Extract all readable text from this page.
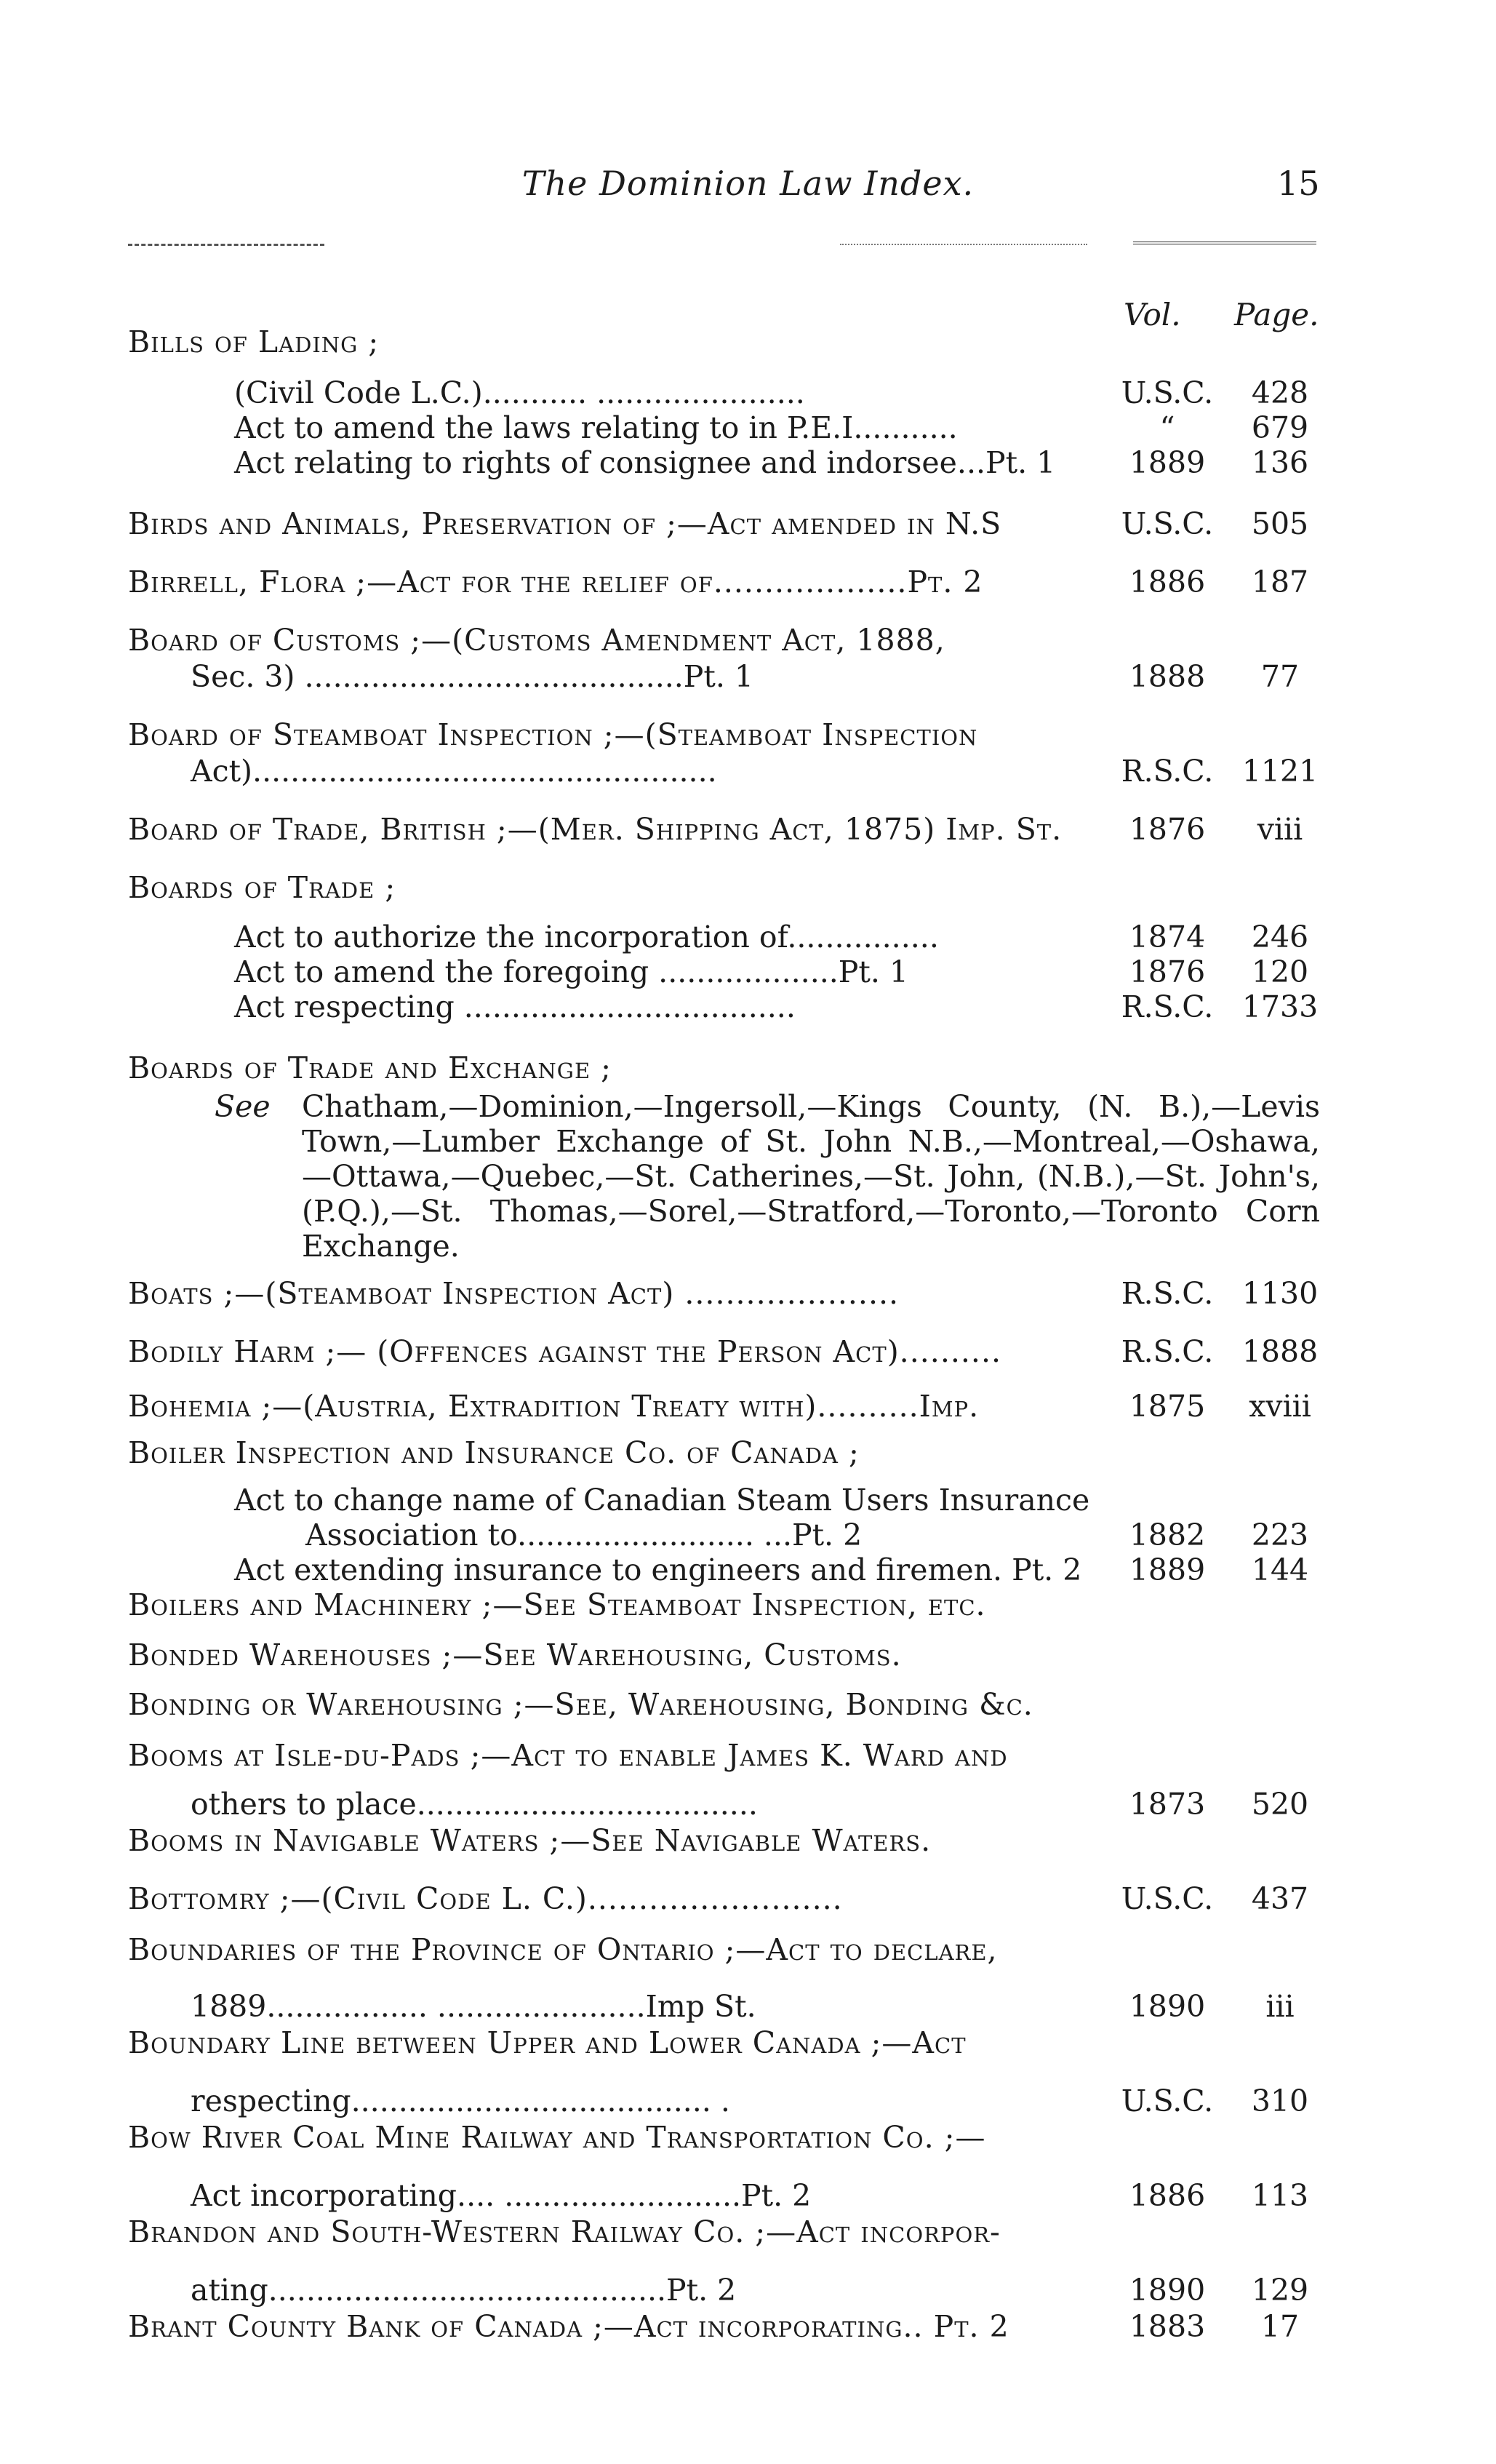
The Dominion Law Index.	15
Vol. Page.
Bills of Lading ;
(Civil Code L.C.)........... ......................	U.S.C.	428
Act to amend the laws relating to in P.E.I...........	“	679
Act relating to rights of consignee and indorsee...Pt. 1	1889	136
Birds and Animals, Preservation of ;—Act amended in N.S	U.S.C.	505
Birrell, Flora ;—Act for the relief of...................Pt. 2	1886	187
Board of Customs ;—(Customs Amendment Act, 1888,
Sec. 3) ........................................Pt. 1	1888	77
Board of Steamboat Inspection ;—(Steamboat Inspection
Act).................................................	R.S.C. 1121
Board of Trade, British ;—(Mer. Shipping Act, 1875) Imp. St.	1876	viii
Boards of Trade ;
Act to authorize the incorporation of................	1874	246
Act to amend the foregoing ...................Pt. 1	1876	120
Act respecting ...................................	R.S.C. 1733
Boards of Trade and Exchange ;
See Chatham,—Dominion,—Ingersoll,—Kings County, (N. B.),—Levis Town,—Lumber Exchange of St. John N.B.,—Montreal,—Oshawa, —Ottawa,—Quebec,—St. Catherines,—St. John, (N.B.),—St. John's, (P.Q.),—St. Thomas,—Sorel,—Stratford,—Toronto,—Toronto Corn Exchange.
Boats ;—(Steamboat Inspection Act) .....................	R.S.C. 1130
Bodily Harm ;— (Offences against the Person Act)..........	R.S.C. 1888
Bohemia ;—(Austria, Extradition Treaty with)..........Imp.	1875	xviii
Boiler Inspection and Insurance Co. of Canada ;
Act to change name of Canadian Steam Users Insurance
Association to......................... ...Pt. 2	1882	223
Act extending insurance to engineers and firemen. Pt. 2	1889	144
Boilers and Machinery ;—See Steamboat Inspection, etc.
Bonded Warehouses ;—See Warehousing, Customs.
Bonding or Warehousing ;—See, Warehousing, Bonding &c.
Booms at Isle-du-Pads ;—Act to enable James K. Ward and
others to place....................................	1873	520
Booms in Navigable Waters ;—See Navigable Waters.
Bottomry ;—(Civil Code L. C.).........................	U.S.C.	437
Boundaries of the Province of Ontario ;—Act to declare,
1889................. ......................Imp St.	1890	iii
Boundary Line between Upper and Lower Canada ;—Act
respecting...................................... .	U.S.C.	310
Bow River Coal Mine Railway and Transportation Co. ;—
Act incorporating.... .........................Pt. 2	1886	113
Brandon and South-Western Railway Co. ;—Act incorpor-
ating..........................................Pt. 2	1890	129
Brant County Bank of Canada ;—Act incorporating.. Pt. 2	1883	17
